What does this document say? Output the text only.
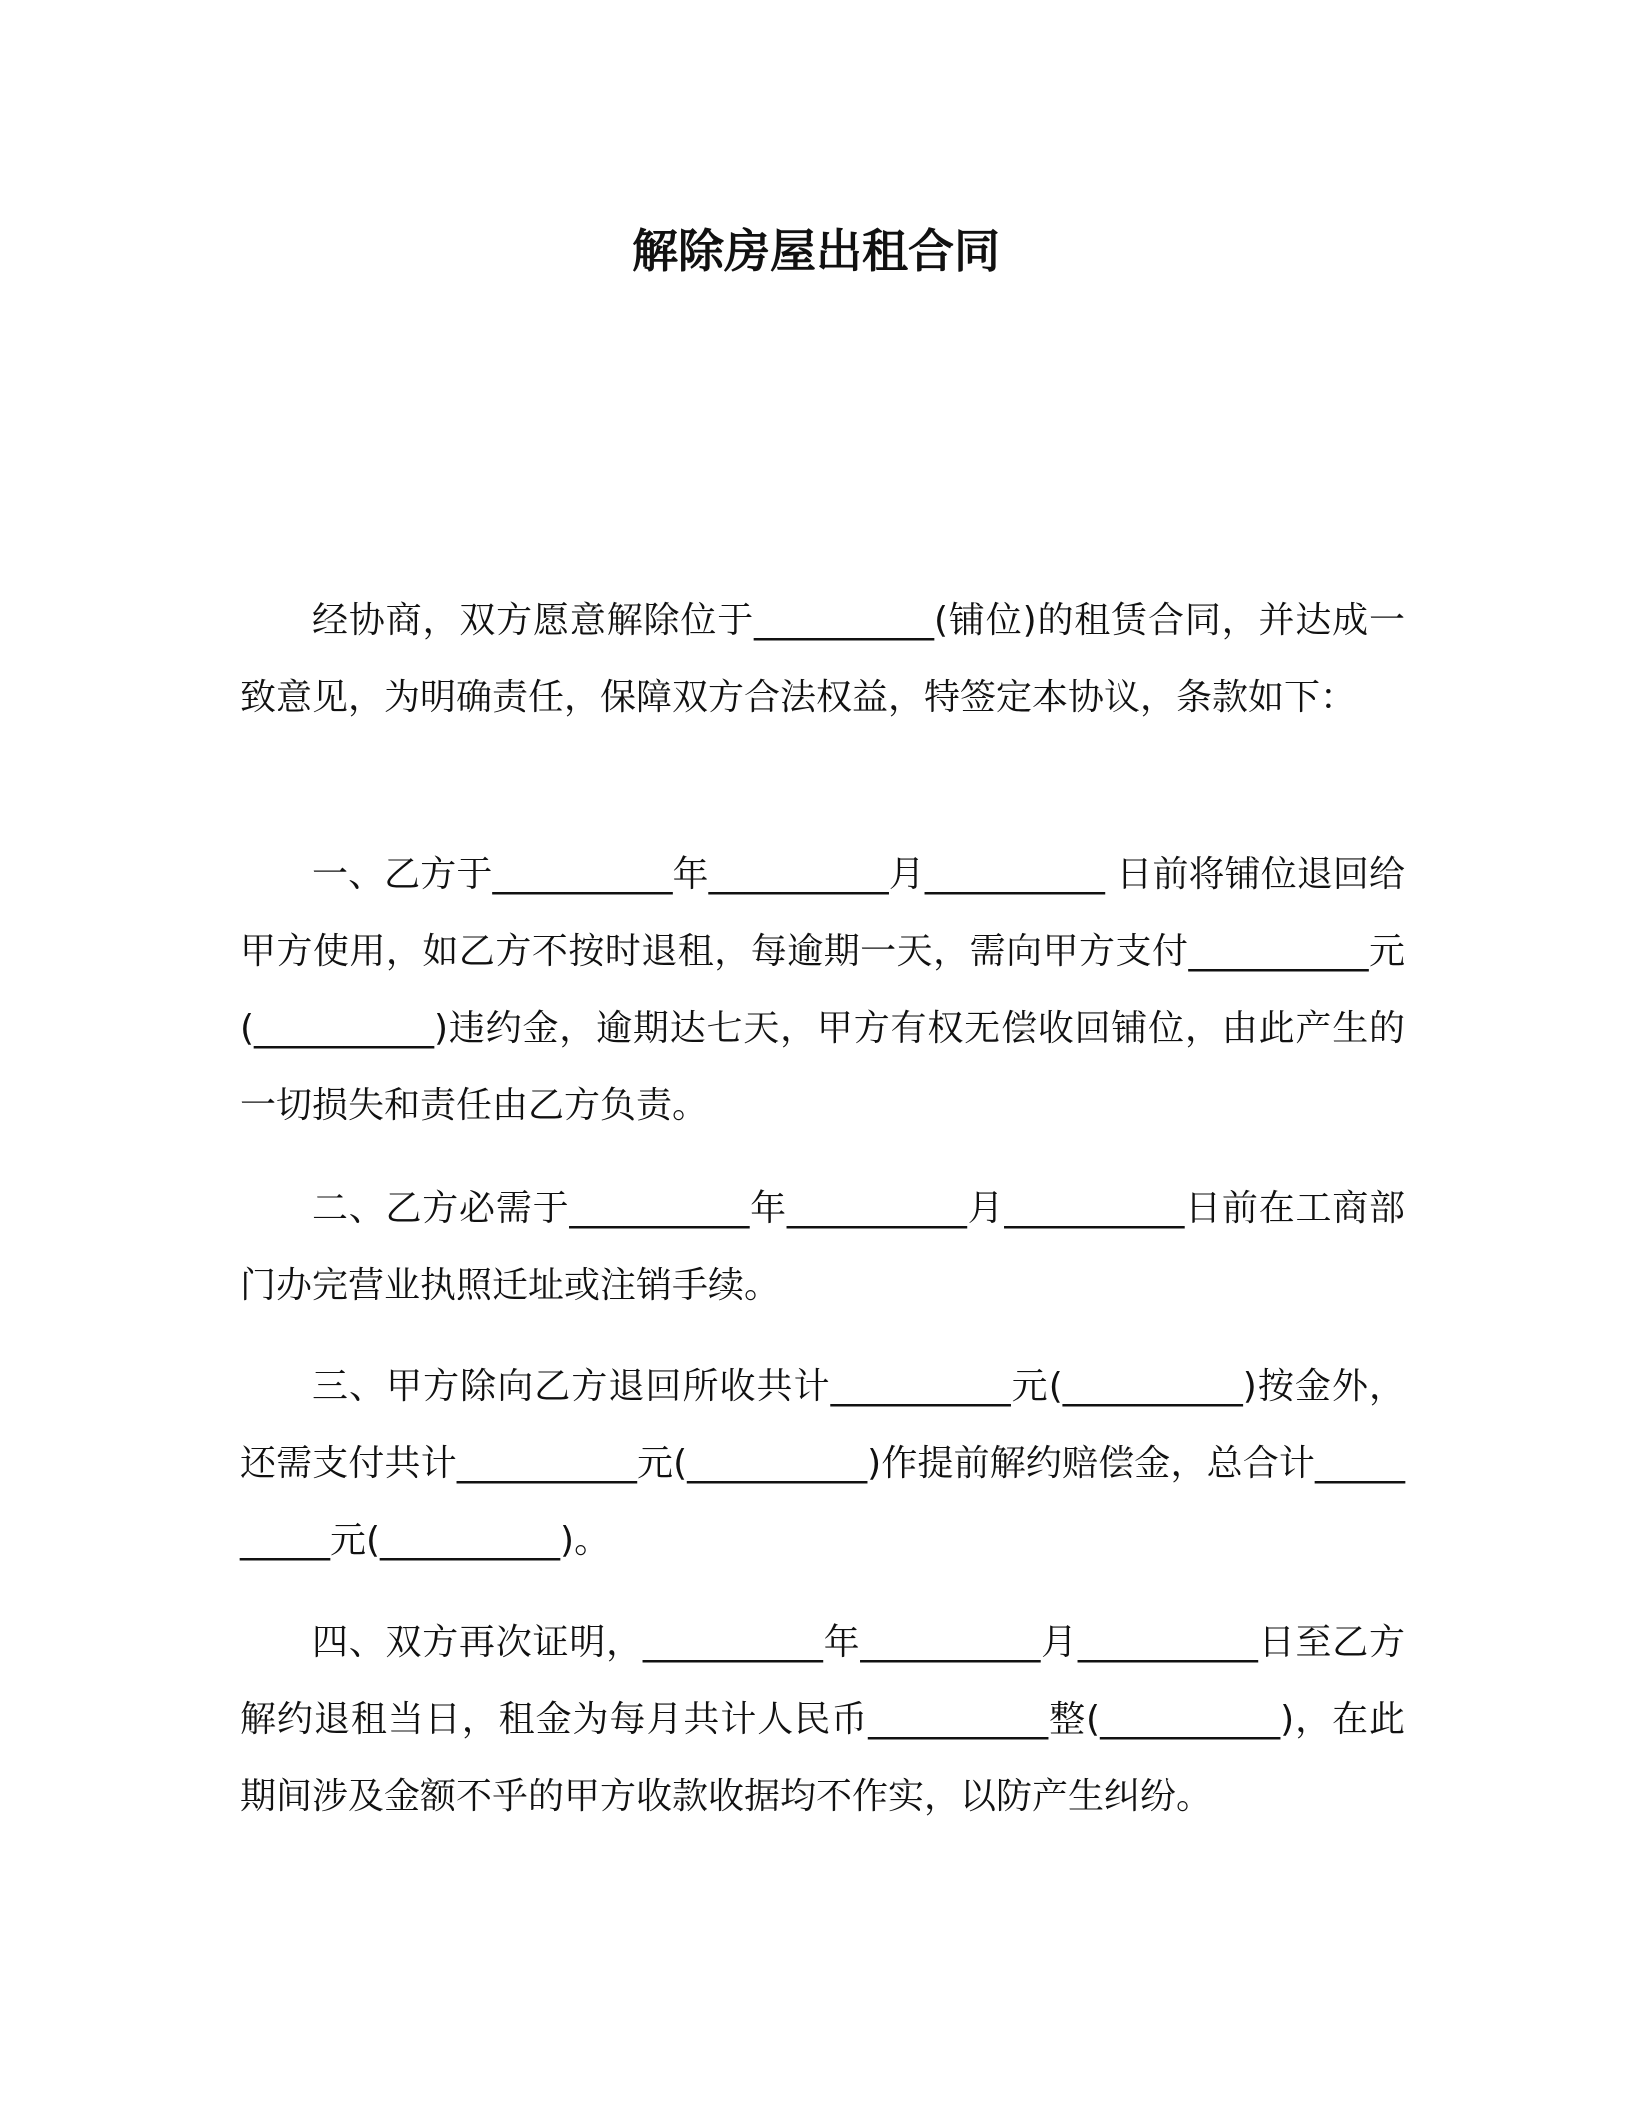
解除房屋出租合同

经协商，双方愿意解除位于__________(铺位)的租赁合同，并达成一致意见，为明确责任，保障双方合法权益，特签定本协议，条款如下：

一、乙方于__________年__________月__________ 日前将铺位退回给甲方使用，如乙方不按时退租，每逾期一天，需向甲方支付__________元(__________)违约金，逾期达七天，甲方有权无偿收回铺位，由此产生的一切损失和责任由乙方负责。

二、乙方必需于__________年__________月__________日前在工商部门办完营业执照迁址或注销手续。

三、甲方除向乙方退回所收共计__________元(__________)按金外，还需支付共计__________元(__________)作提前解约赔偿金，总合计__________元(__________)。

四、双方再次证明，__________年__________月__________日至乙方解约退租当日，租金为每月共计人民币__________整(__________)，在此期间涉及金额不乎的甲方收款收据均不作实，以防产生纠纷。
